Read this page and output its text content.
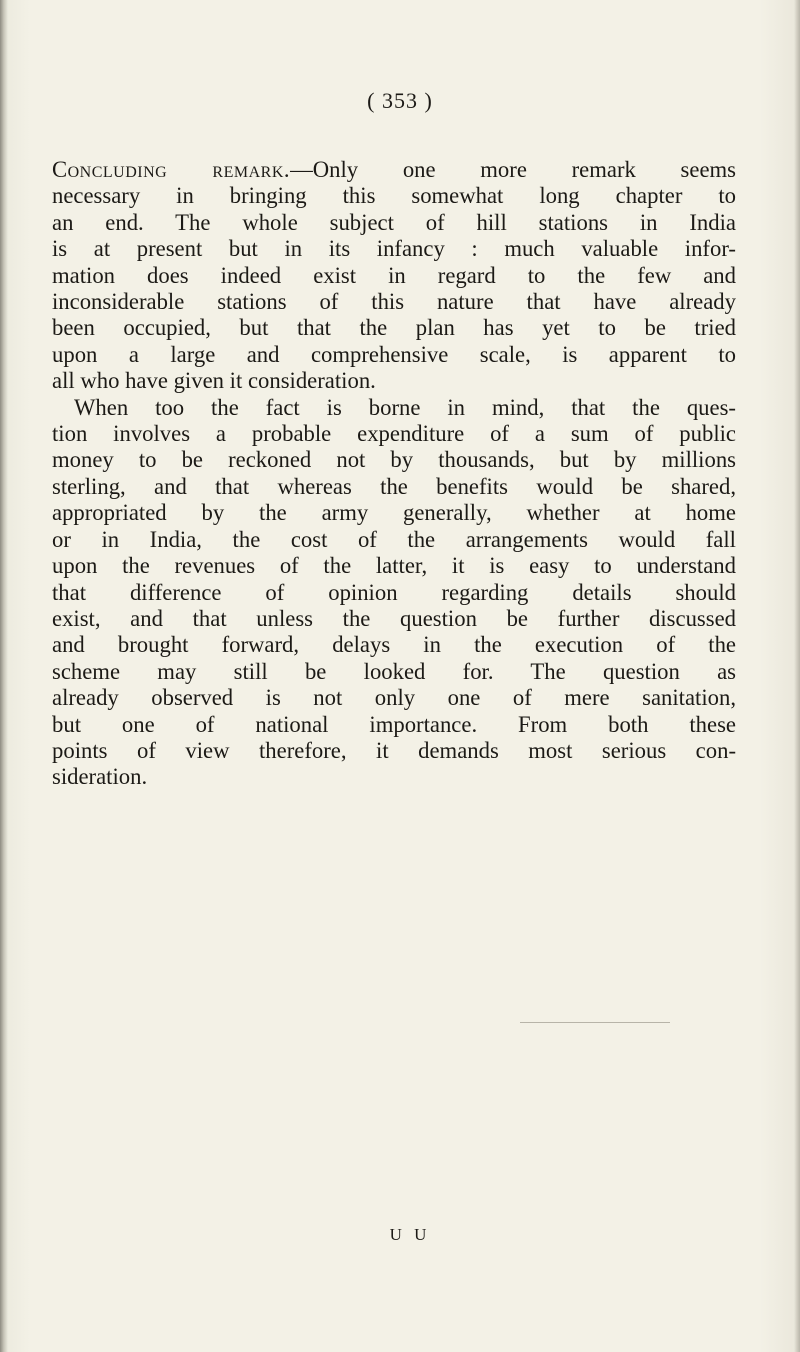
( 353 )
Concluding remark.—Only one more remark seems
necessary in bringing this somewhat long chapter to
an end. The whole subject of hill stations in India
is at present but in its infancy : much valuable infor-
mation does indeed exist in regard to the few and
inconsiderable stations of this nature that have already
been occupied, but that the plan has yet to be tried
upon a large and comprehensive scale, is apparent to
all who have given it consideration.
When too the fact is borne in mind, that the ques-
tion involves a probable expenditure of a sum of public
money to be reckoned not by thousands, but by millions
sterling, and that whereas the benefits would be shared,
appropriated by the army generally, whether at home
or in India, the cost of the arrangements would fall
upon the revenues of the latter, it is easy to understand
that difference of opinion regarding details should
exist, and that unless the question be further discussed
and brought forward, delays in the execution of the
scheme may still be looked for. The question as
already observed is not only one of mere sanitation,
but one of national importance. From both these
points of view therefore, it demands most serious con-
sideration.
U U
